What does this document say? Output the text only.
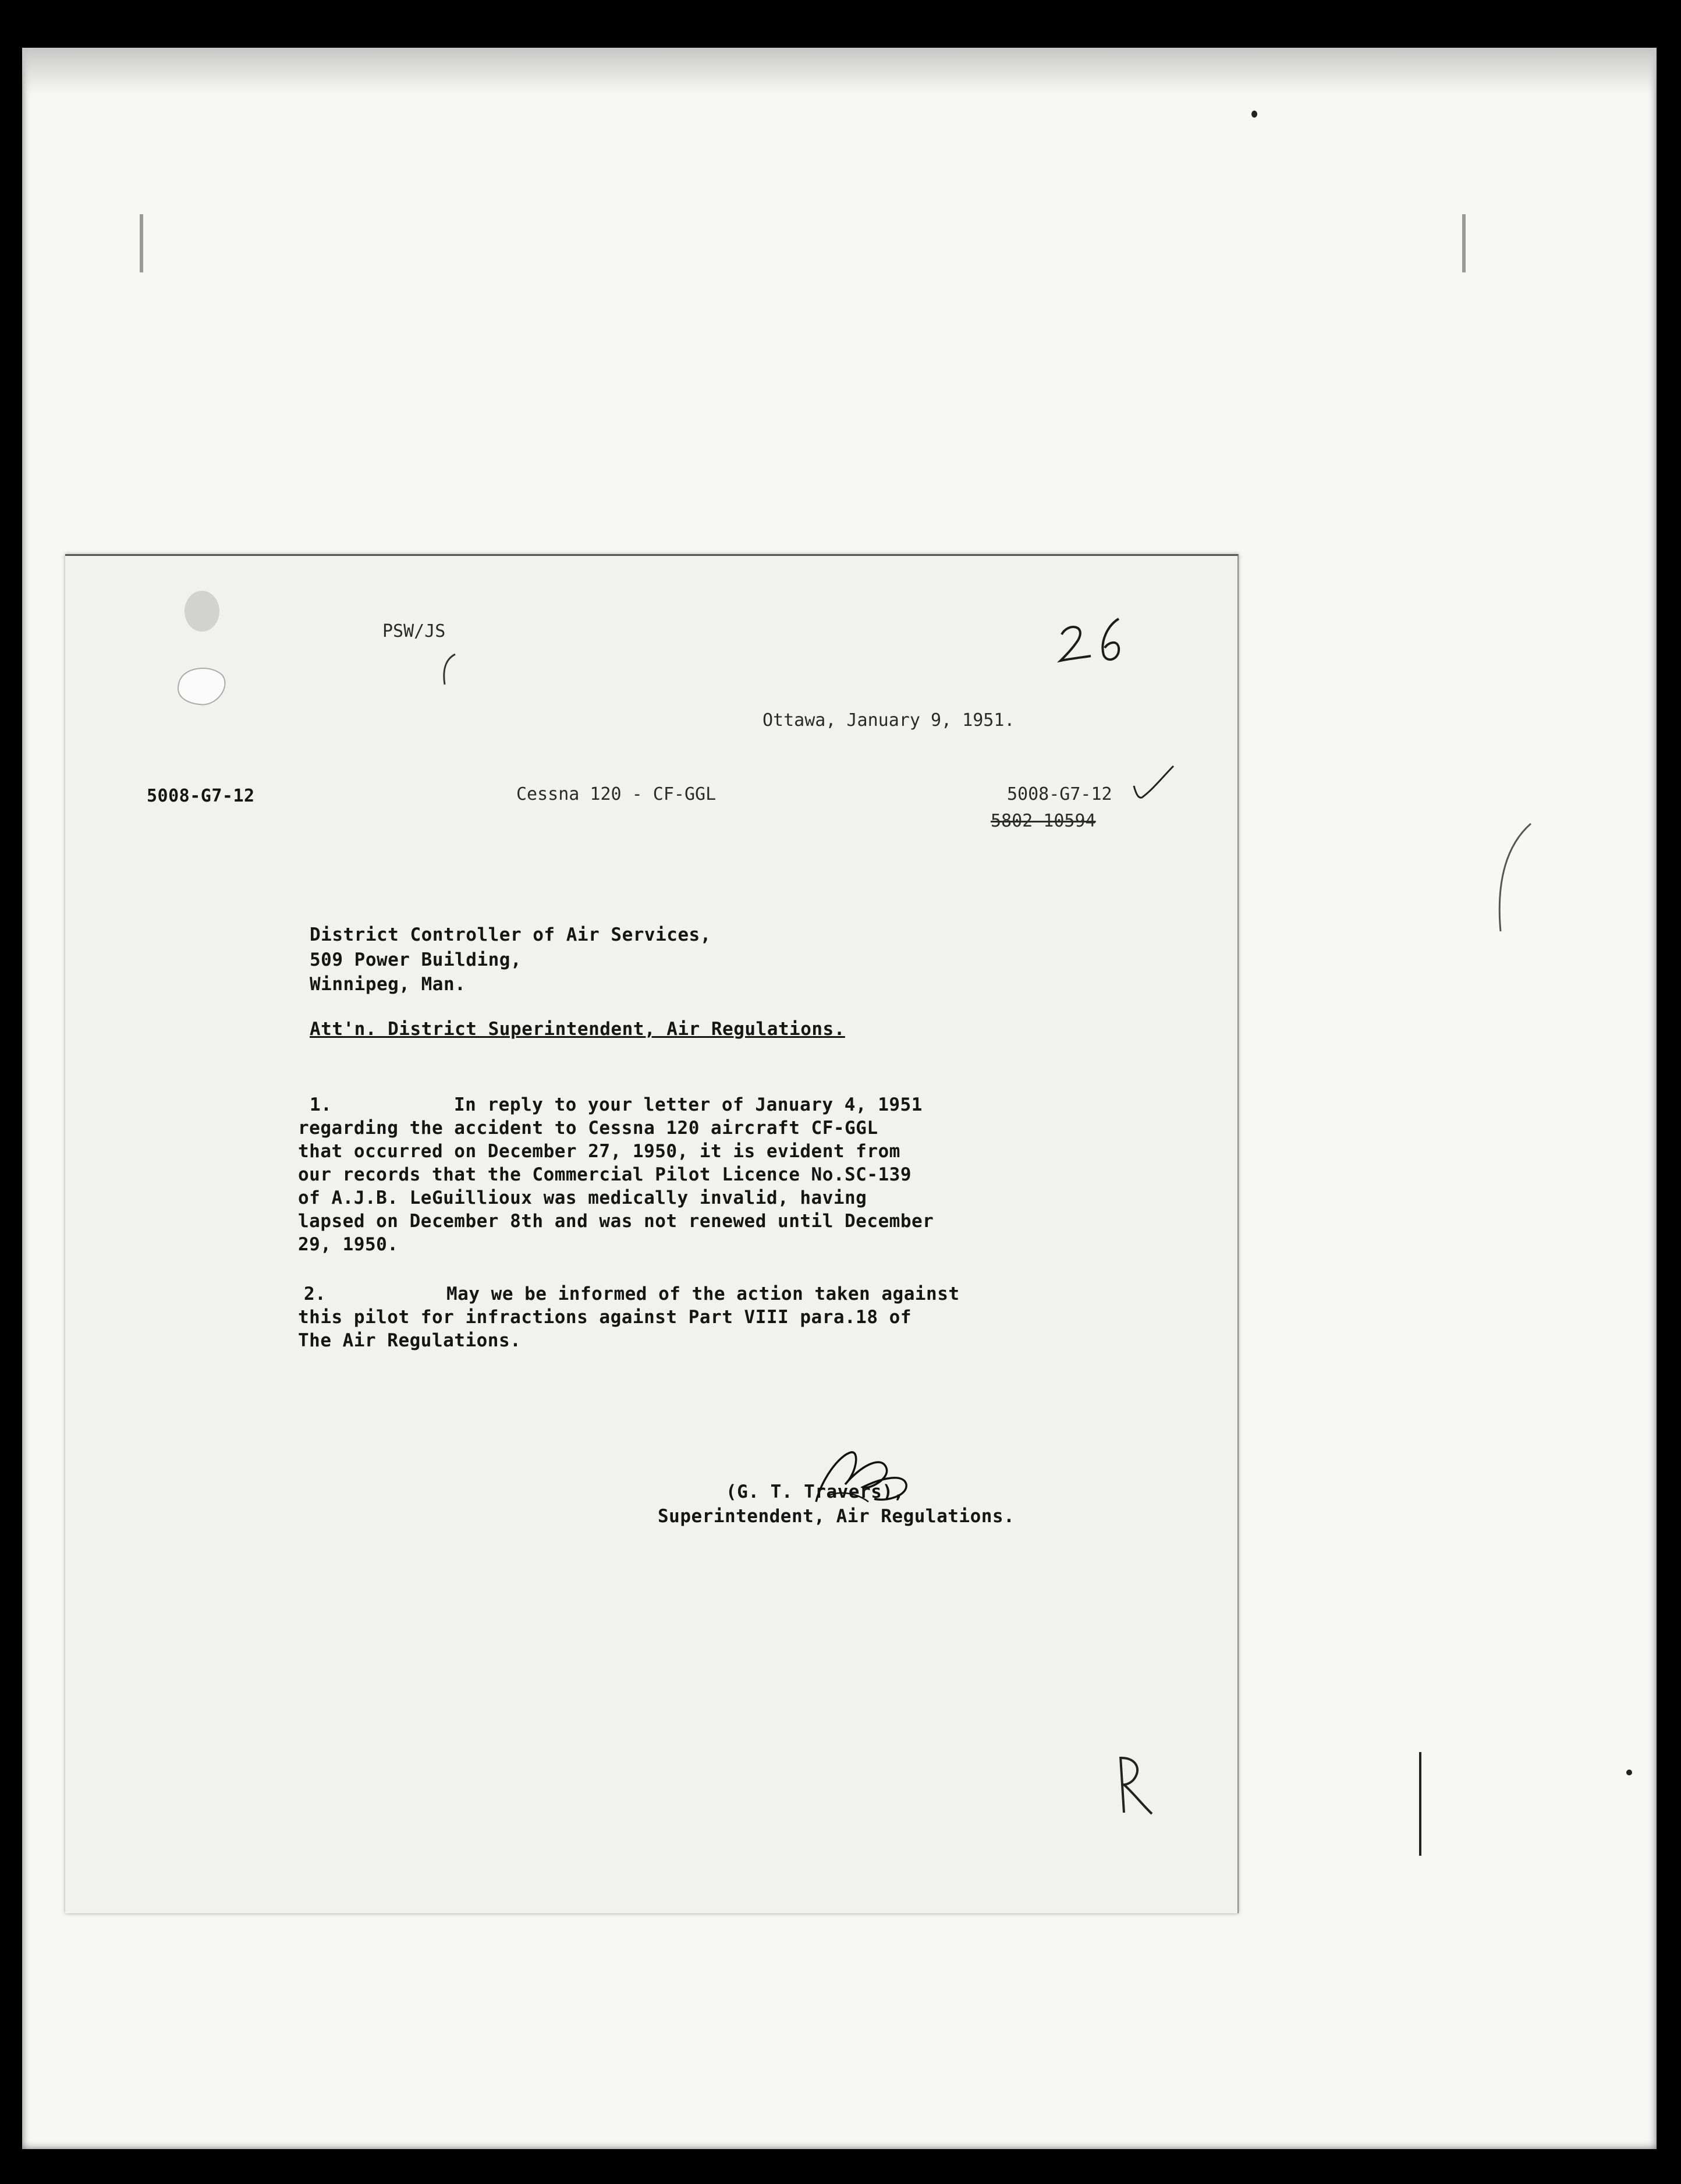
PSW/JS

Ottawa, January 9, 1951.

5008-G7-12	Cessna 120 - CF-GGL	5008-G7-12

5802-10594

District Controller of Air Services,

509 Power Building,

Winnipeg, Man.

Att'n. District Superintendent, Air Regulations.

1.	In reply to your letter of January 4, 1951

regarding the accident to Cessna 120 aircraft CF-GGL

that occurred on December 27, 1950, it is evident from

our records that the Commercial Pilot Licence No.SC-139

of A.J.B. LeGuillioux was medically invalid, having

lapsed on December 8th and was not renewed until December

29, 1950.

2.	May we be informed of the action taken against

this pilot for infractions against Part VIII para.18 of

The Air Regulations.

(G. T. Travers),

Superintendent, Air Regulations.
